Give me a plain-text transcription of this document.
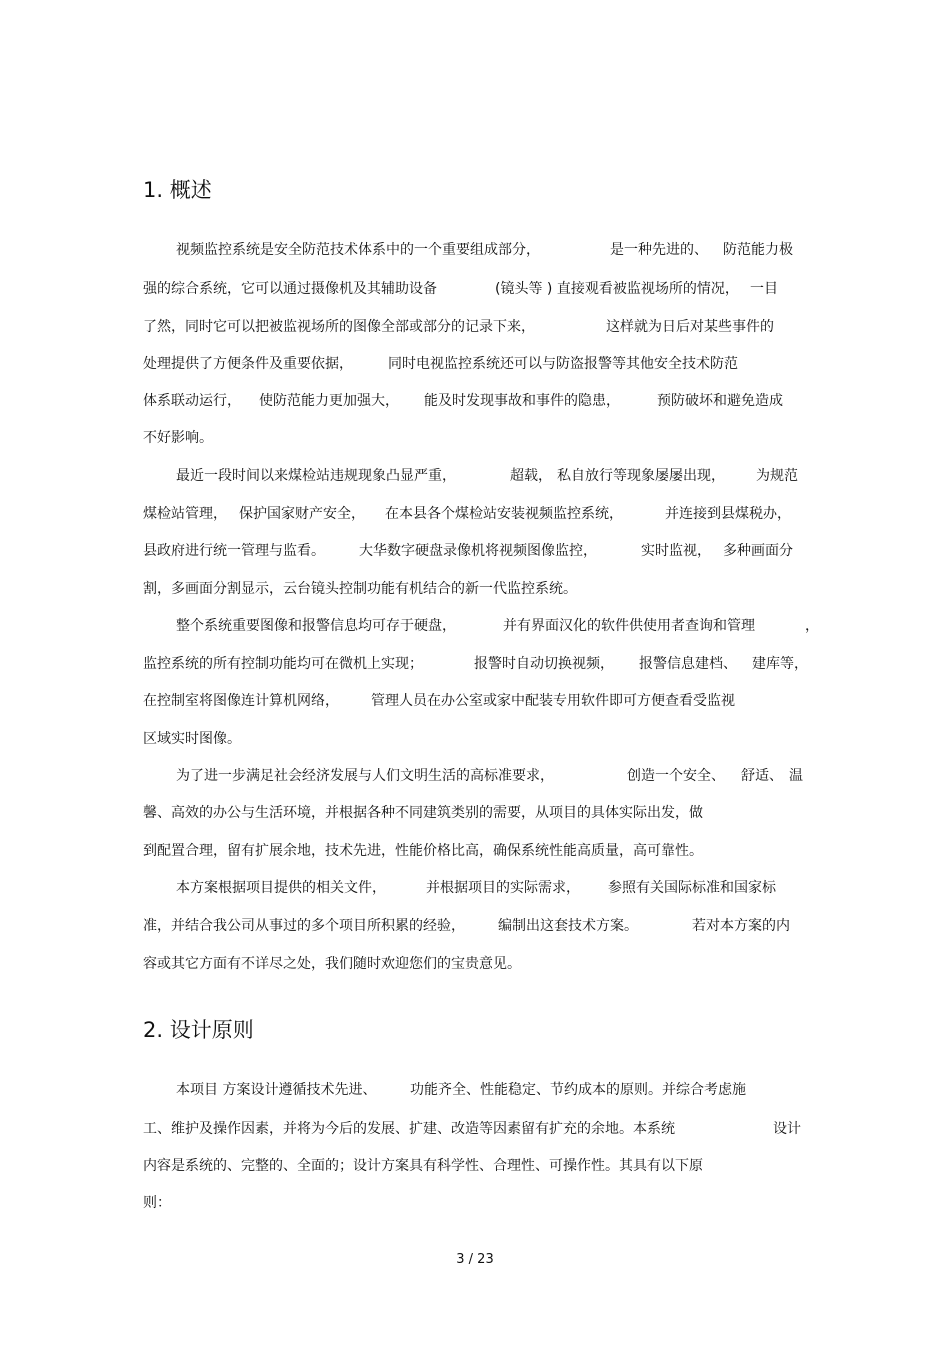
1. 概述
视频监控系统是安全防范技术体系中的一个重要组成部分，	是一种先进的、 防范能力极
强的综合系统，它可以通过摄像机及其辅助设备	(镜头等 ) 直接观看被监视场所的情况， 一目
了然，同时它可以把被监视场所的图像全部或部分的记录下来，	这样就为日后对某些事件的
处理提供了方便条件及重要依据，	同时电视监控系统还可以与防盗报警等其他安全技术防范
体系联动运行， 使防范能力更加强大， 能及时发现事故和事件的隐患，	预防破坏和避免造成
不好影响。
最近一段时间以来煤检站违规现象凸显严重，	超载， 私自放行等现象屡屡出现， 为规范
煤检站管理， 保护国家财产安全， 在本县各个煤检站安装视频监控系统，	并连接到县煤税办，
县政府进行统一管理与监看。 大华数字硬盘录像机将视频图像监控，	实时监视， 多种画面分
割，多画面分割显示，云台镜头控制功能有机结合的新一代监控系统。
整个系统重要图像和报警信息均可存于硬盘，	并有界面汉化的软件供使用者查询和管理	，
监控系统的所有控制功能均可在微机上实现；	报警时自动切换视频， 报警信息建档、 建库等，
在控制室将图像连计算机网络， 管理人员在办公室或家中配装专用软件即可方便查看受监视
区域实时图像。
为了进一步满足社会经济发展与人们文明生活的高标准要求，	创造一个安全、 舒适、 温
馨、高效的办公与生活环境，并根据各种不同建筑类别的需要，从项目的具体实际出发，做
到配置合理，留有扩展余地，技术先进，性能价格比高，确保系统性能高质量，高可靠性。
本方案根据项目提供的相关文件，	并根据项目的实际需求， 参照有关国际标准和国家标
准，并结合我公司从事过的多个项目所积累的经验， 编制出这套技术方案。	若对本方案的内
容或其它方面有不详尽之处，我们随时欢迎您们的宝贵意见。
2. 设计原则
本项目 方案设计遵循技术先进、 功能齐全、性能稳定、节约成本的原则。并综合考虑施
工、维护及操作因素，并将为今后的发展、扩建、改造等因素留有扩充的余地。本系统	设计
内容是系统的、完整的、全面的；设计方案具有科学性、合理性、可操作性。其具有以下原
则：
3 / 23
